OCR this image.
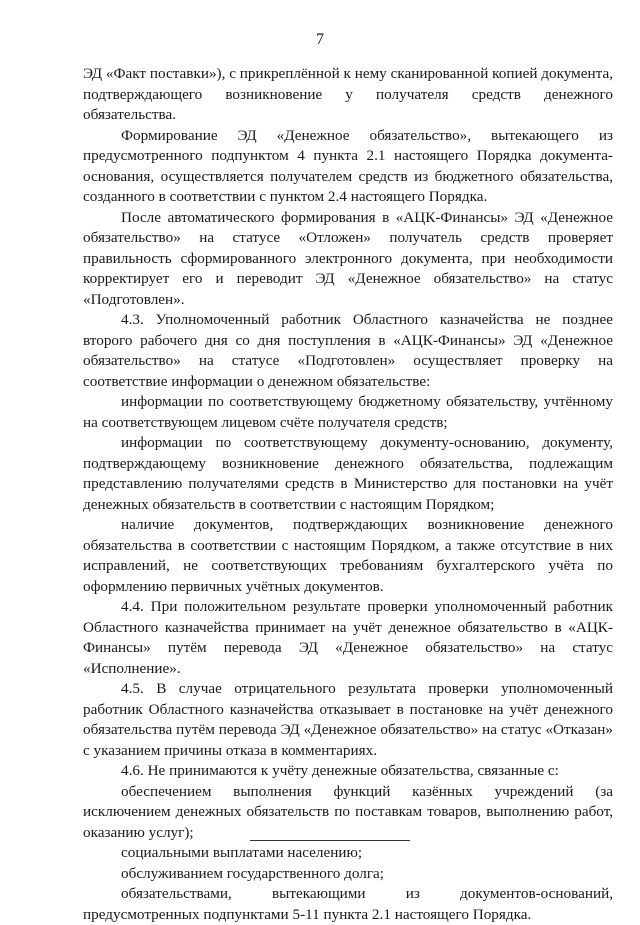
7

ЭД «Факт поставки»), с прикреплённой к нему сканированной копией документа, подтверждающего возникновение у получателя средств денежного обязательства.

Формирование ЭД «Денежное обязательство», вытекающего из предусмотренного подпунктом 4 пункта 2.1 настоящего Порядка документа-основания, осуществляется получателем средств из бюджетного обязательства, созданного в соответствии с пунктом 2.4 настоящего Порядка.

После автоматического формирования в «АЦК-Финансы» ЭД «Денежное обязательство» на статусе «Отложен» получатель средств проверяет правильность сформированного электронного документа, при необходимости корректирует его и переводит ЭД «Денежное обязательство» на статус «Подготовлен».

4.3. Уполномоченный работник Областного казначейства не позднее второго рабочего дня со дня поступления в «АЦК-Финансы» ЭД «Денежное обязательство» на статусе «Подготовлен» осуществляет проверку на соответствие информации о денежном обязательстве:

информации по соответствующему бюджетному обязательству, учтённому на соответствующем лицевом счёте получателя средств;

информации по соответствующему документу-основанию, документу, подтверждающему возникновение денежного обязательства, подлежащим представлению получателями средств в Министерство для постановки на учёт денежных обязательств в соответствии с настоящим Порядком;

наличие документов, подтверждающих возникновение денежного обязательства в соответствии с настоящим Порядком, а также отсутствие в них исправлений, не соответствующих требованиям бухгалтерского учёта по оформлению первичных учётных документов.

4.4. При положительном результате проверки уполномоченный работник Областного казначейства принимает на учёт денежное обязательство в «АЦК-Финансы» путём перевода ЭД «Денежное обязательство» на статус «Исполнение».

4.5. В случае отрицательного результата проверки уполномоченный работник Областного казначейства отказывает в постановке на учёт денежного обязательства путём перевода ЭД «Денежное обязательство» на статус «Отказан» с указанием причины отказа в комментариях.

4.6. Не принимаются к учёту денежные обязательства, связанные с:

обеспечением выполнения функций казённых учреждений (за исключением денежных обязательств по поставкам товаров, выполнению работ, оказанию услуг);

социальными выплатами населению;

обслуживанием государственного долга;

обязательствами, вытекающими из документов-оснований, предусмотренных подпунктами 5-11 пункта 2.1 настоящего Порядка.
